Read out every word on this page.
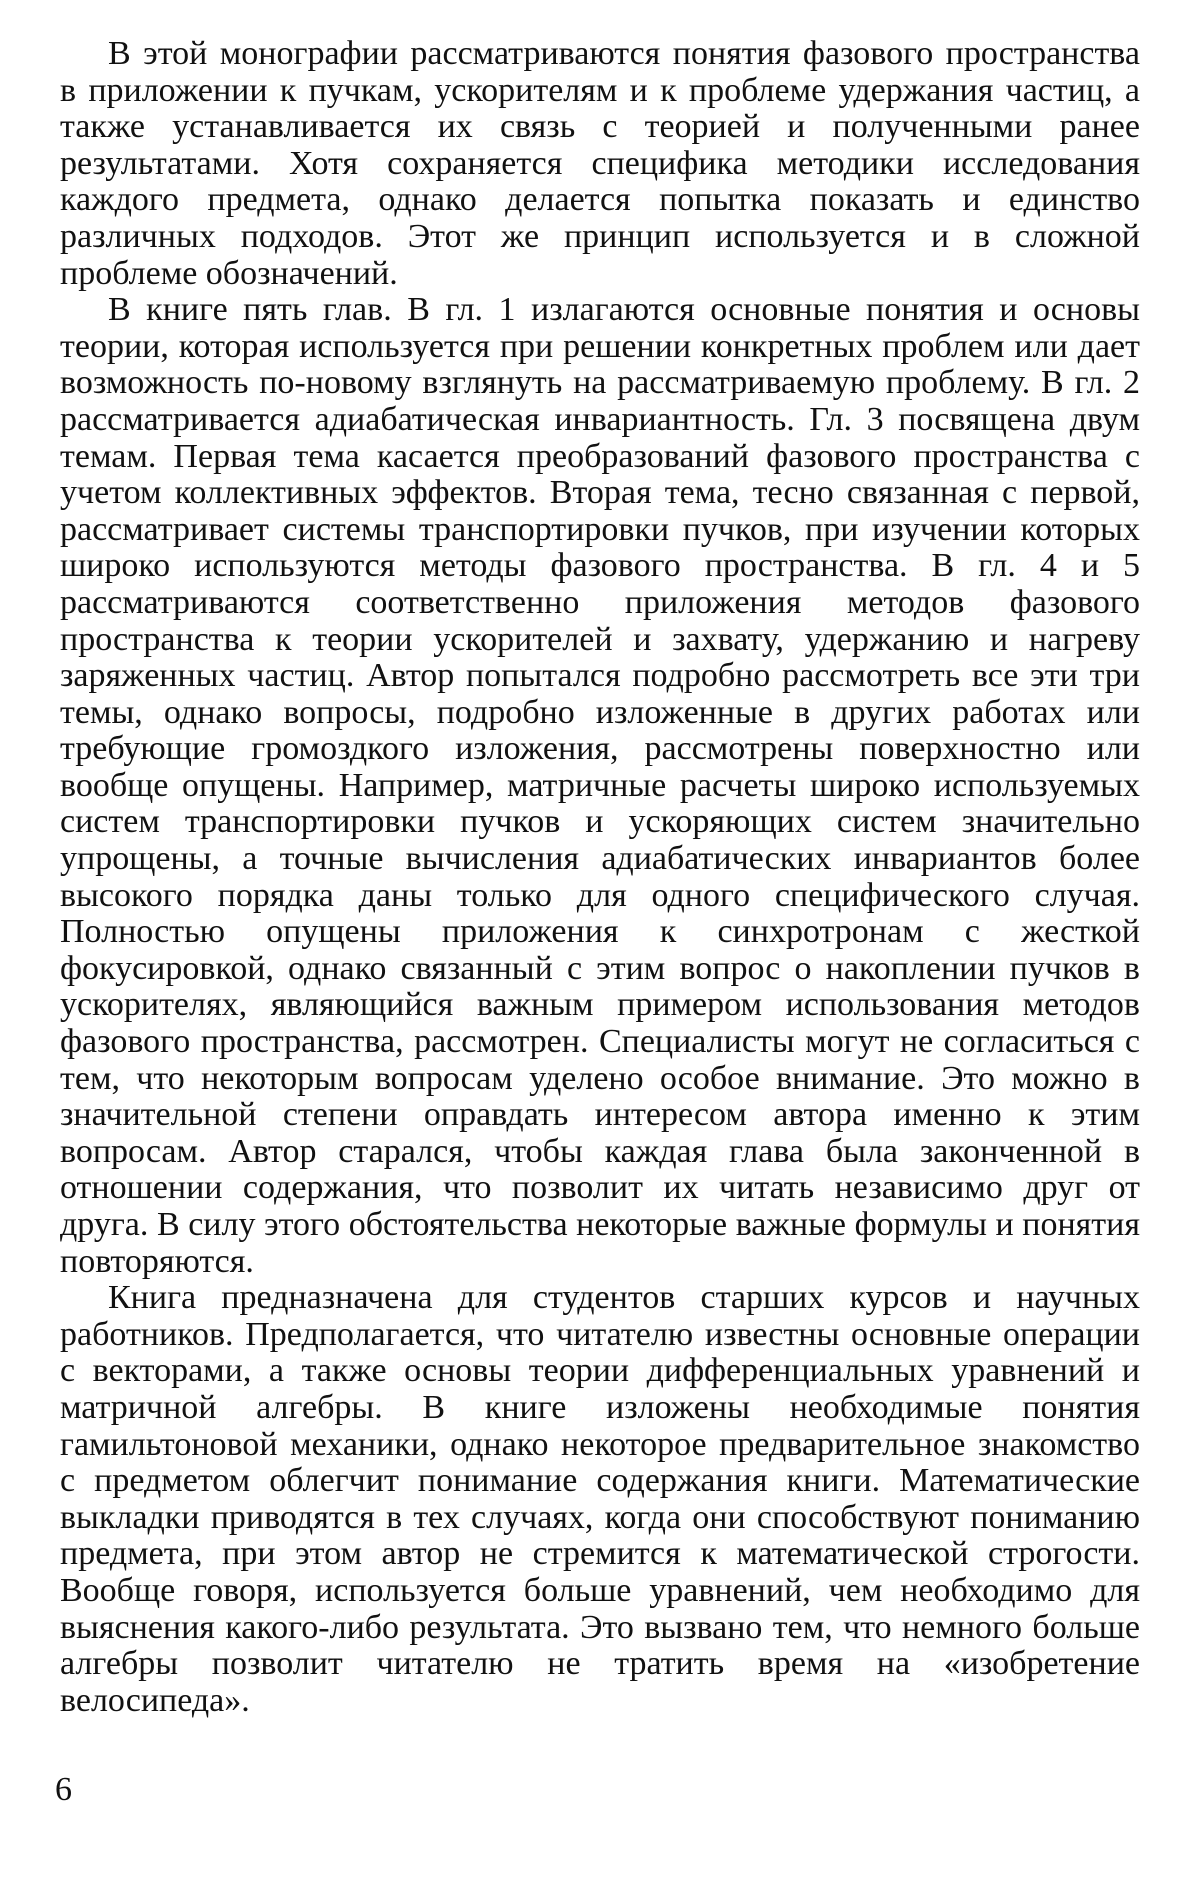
В этой монографии рассматриваются понятия фазового пространства в приложении к пучкам, ускорителям и к проблеме удержания частиц, а также устанавливается их связь с теорией и полученными ранее результатами. Хотя сохраняется специфика методики исследования каждого предмета, однако делается попытка показать и единство различных подходов. Этот же принцип используется и в сложной проблеме обозначений.

В книге пять глав. В гл. 1 излагаются основные понятия и основы теории, которая используется при решении конкретных проблем или дает возможность по-новому взглянуть на рассматриваемую проблему. В гл. 2 рассматривается адиабатическая инвариантность. Гл. 3 посвящена двум темам. Первая тема касается преобразований фазового пространства с учетом коллективных эффектов. Вторая тема, тесно связанная с первой, рассматривает системы транспортировки пучков, при изучении которых широко используются методы фазового пространства. В гл. 4 и 5 рассматриваются соответственно приложения методов фазового пространства к теории ускорителей и захвату, удержанию и нагреву заряженных частиц. Автор попытался подробно рассмотреть все эти три темы, однако вопросы, подробно изложенные в других работах или требующие громоздкого изложения, рассмотрены поверхностно или вообще опущены. Например, матричные расчеты широко используемых систем транспортировки пучков и ускоряющих систем значительно упрощены, а точные вычисления адиабатических инвариантов более высокого порядка даны только для одного специфического случая. Полностью опущены приложения к синхротронам с жесткой фокусировкой, однако связанный с этим вопрос о накоплении пучков в ускорителях, являющийся важным примером использования методов фазового пространства, рассмотрен. Специалисты могут не согласиться с тем, что некоторым вопросам уделено особое внимание. Это можно в значительной степени оправдать интересом автора именно к этим вопросам. Автор старался, чтобы каждая глава была законченной в отношении содержания, что позволит их читать независимо друг от друга. В силу этого обстоятельства некоторые важные формулы и понятия повторяются.

Книга предназначена для студентов старших курсов и научных работников. Предполагается, что читателю известны основные операции с векторами, а также основы теории дифференциальных уравнений и матричной алгебры. В книге изложены необходимые понятия гамильтоновой механики, однако некоторое предварительное знакомство с предметом облегчит понимание содержания книги. Математические выкладки приводятся в тех случаях, когда они способствуют пониманию предмета, при этом автор не стремится к математической строгости. Вообще говоря, используется больше уравнений, чем необходимо для выяснения какого-либо результата. Это вызвано тем, что немного больше алгебры позволит читателю не тратить время на «изобретение велосипеда».

6
